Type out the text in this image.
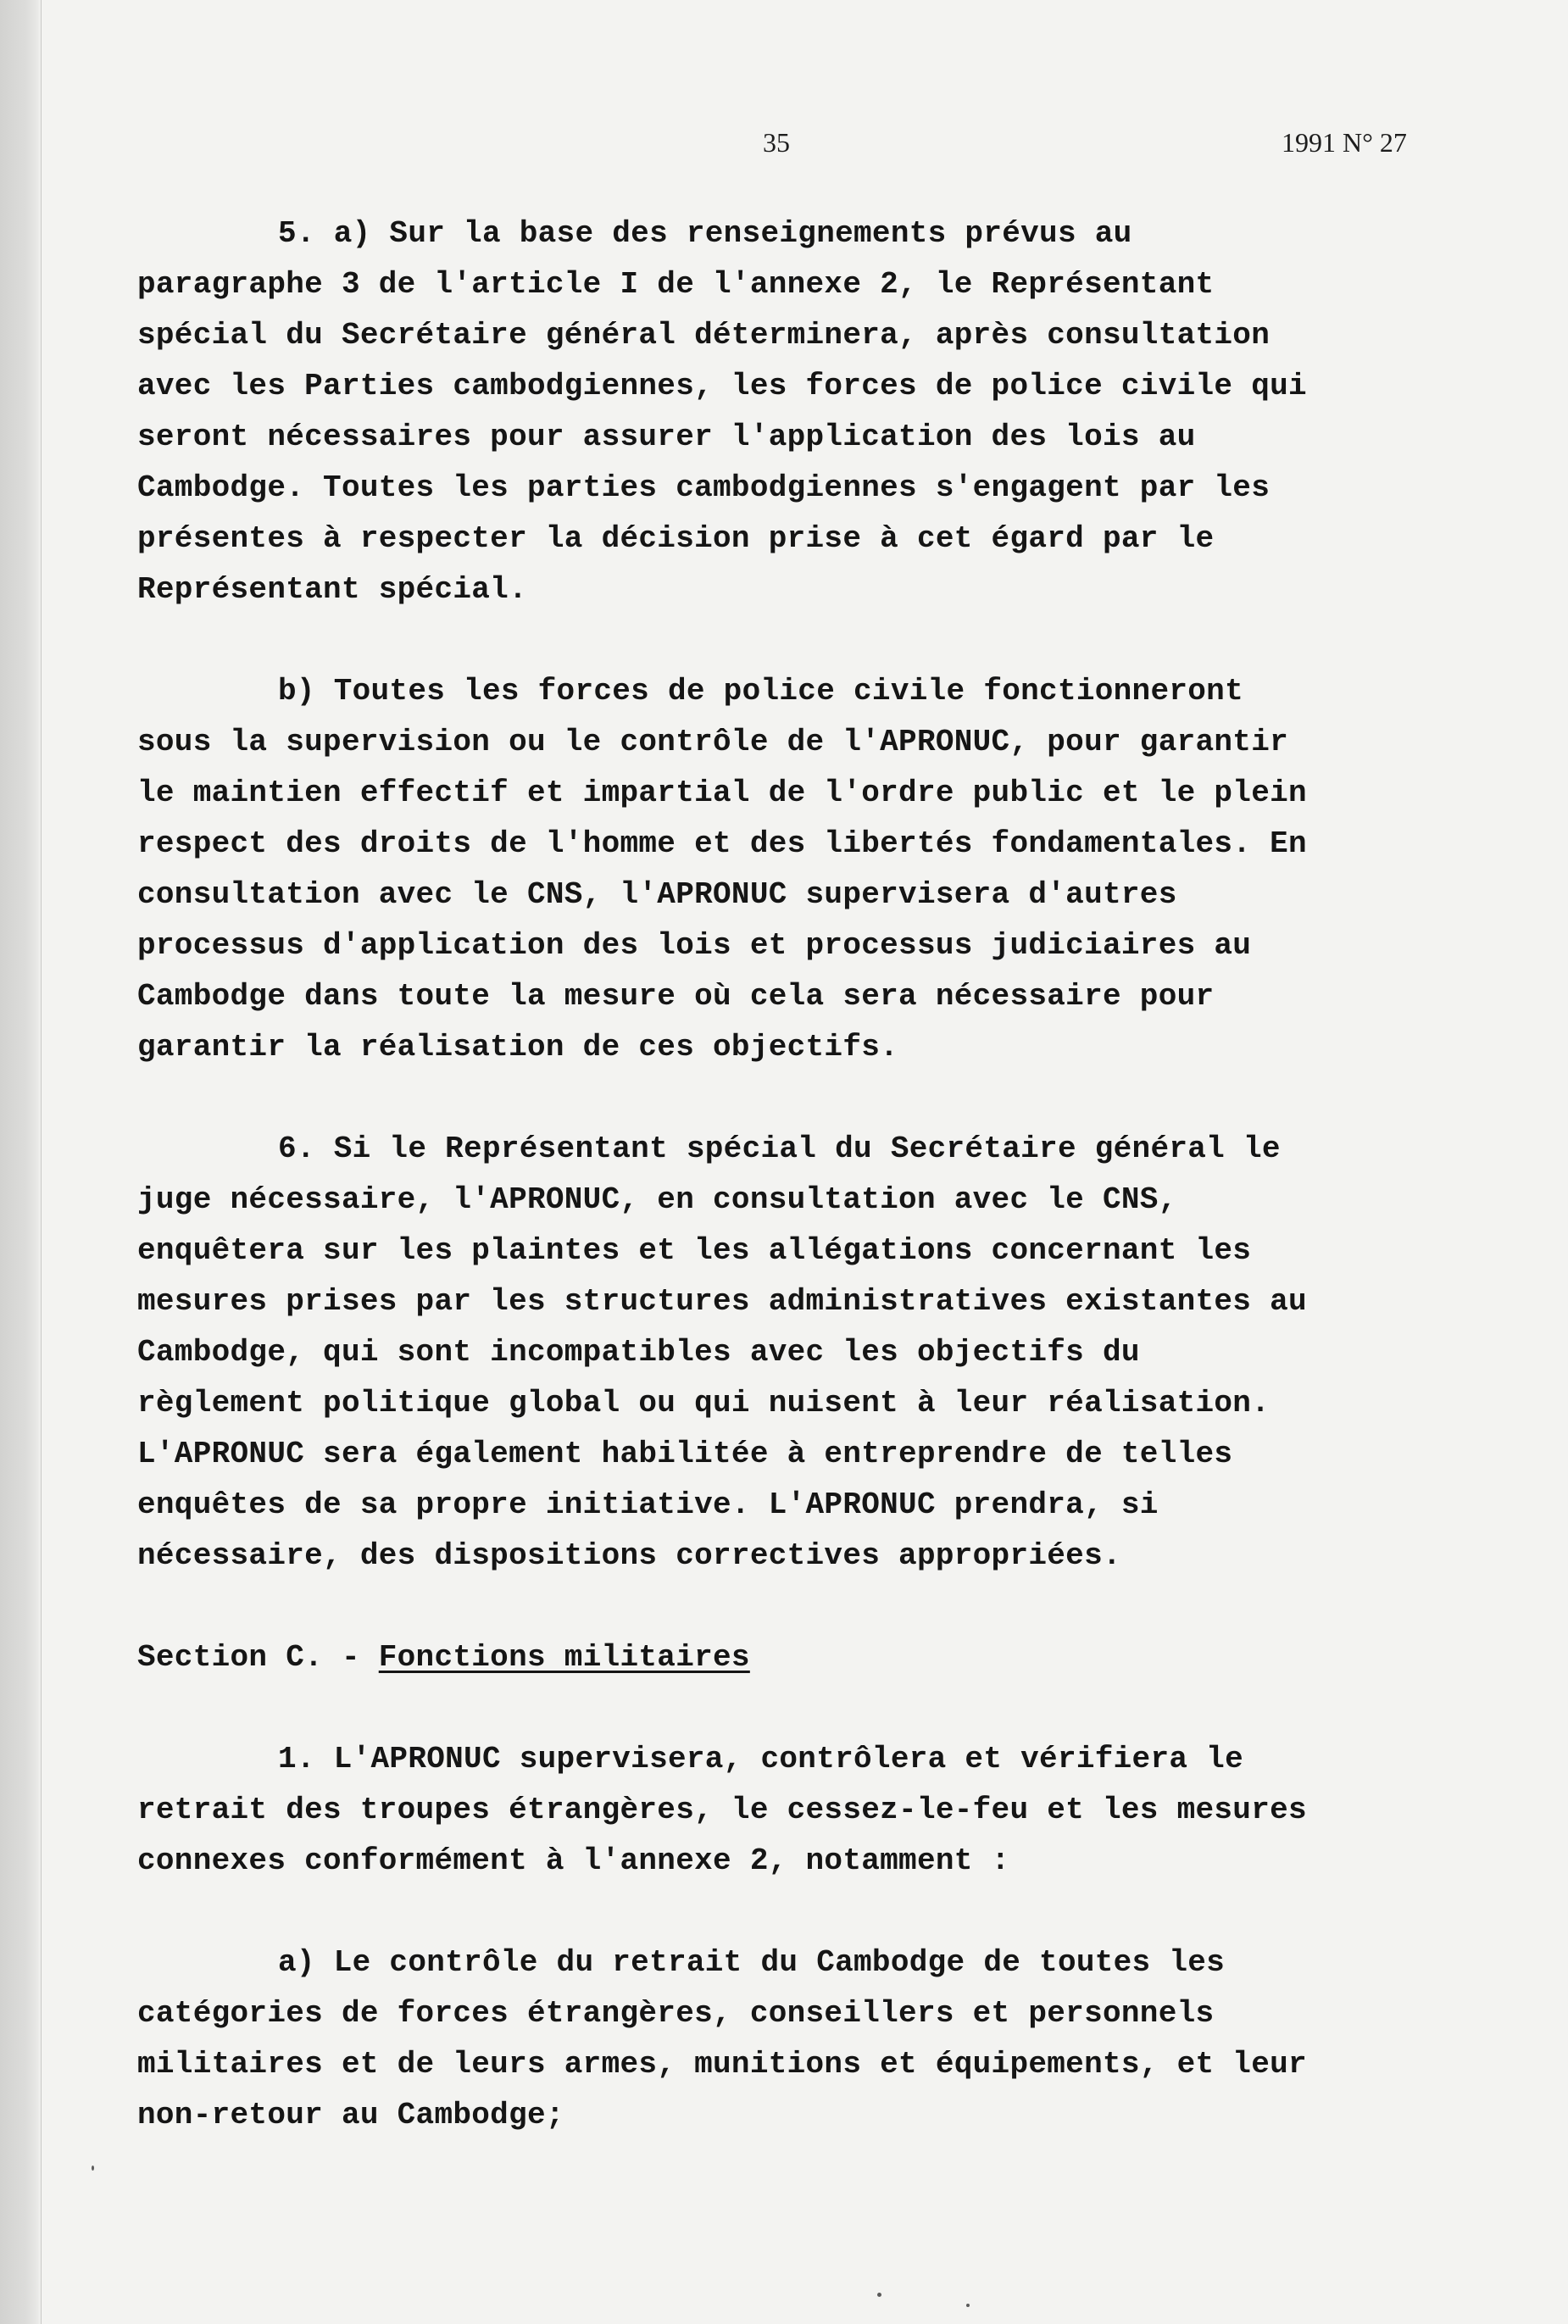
35	1991 N° 27
5. a) Sur la base des renseignements prévus au
paragraphe 3 de l'article I de l'annexe 2, le Représentant
spécial du Secrétaire général déterminera, après consultation
avec les Parties cambodgiennes, les forces de police civile qui
seront nécessaires pour assurer l'application des lois au
Cambodge. Toutes les parties cambodgiennes s'engagent par les
présentes à respecter la décision prise à cet égard par le
Représentant spécial.
b) Toutes les forces de police civile fonctionneront
sous la supervision ou le contrôle de l'APRONUC, pour garantir
le maintien effectif et impartial de l'ordre public et le plein
respect des droits de l'homme et des libertés fondamentales. En
consultation avec le CNS, l'APRONUC supervisera d'autres
processus d'application des lois et processus judiciaires au
Cambodge dans toute la mesure où cela sera nécessaire pour
garantir la réalisation de ces objectifs.
6. Si le Représentant spécial du Secrétaire général le
juge nécessaire, l'APRONUC, en consultation avec le CNS,
enquêtera sur les plaintes et les allégations concernant les
mesures prises par les structures administratives existantes au
Cambodge, qui sont incompatibles avec les objectifs du
règlement politique global ou qui nuisent à leur réalisation.
L'APRONUC sera également habilitée à entreprendre de telles
enquêtes de sa propre initiative. L'APRONUC prendra, si
nécessaire, des dispositions correctives appropriées.
Section C. - Fonctions militaires
1. L'APRONUC supervisera, contrôlera et vérifiera le
retrait des troupes étrangères, le cessez-le-feu et les mesures
connexes conformément à l'annexe 2, notamment :
a) Le contrôle du retrait du Cambodge de toutes les
catégories de forces étrangères, conseillers et personnels
militaires et de leurs armes, munitions et équipements, et leur
non-retour au Cambodge;
